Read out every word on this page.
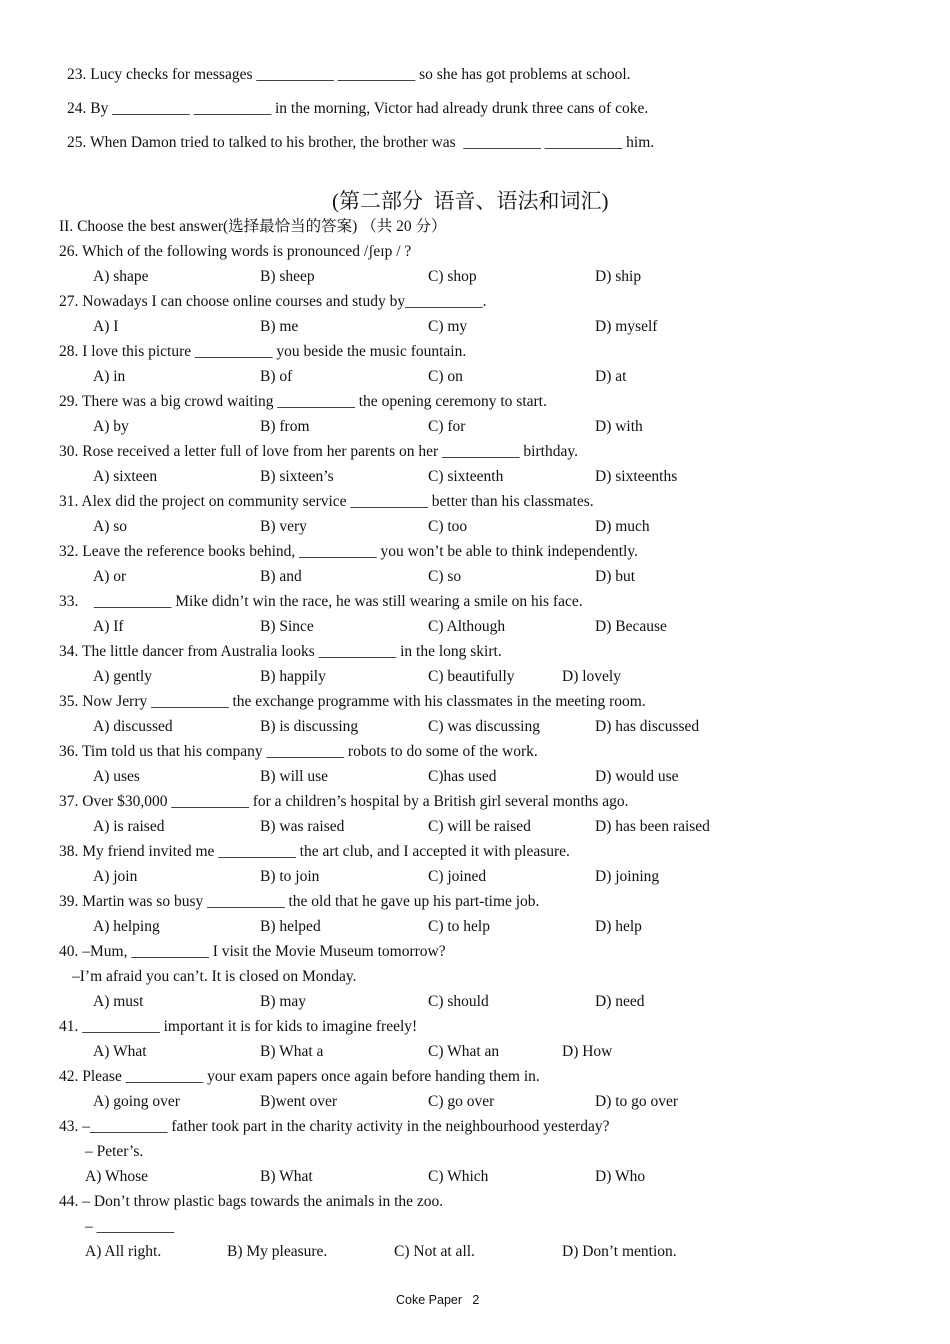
23. Lucy checks for messages __________ __________ so she has got problems at school.
24. By __________ __________ in the morning, Victor had already drunk three cans of coke.
25. When Damon tried to talked to his brother, the brother was  __________ __________ him.
(第二部分  语音、语法和词汇)
II. Choose the best answer(选择最恰当的答案) （共 20 分）
26. Which of the following words is pronounced /ʃeɪp / ?
A) shape	B) sheep	C) shop	D) ship
27. Nowadays I can choose online courses and study by__________.
A) I	B) me	C) my	D) myself
28. I love this picture __________ you beside the music fountain.
A) in	B) of	C) on	D) at
29. There was a big crowd waiting __________ the opening ceremony to start.
A) by	B) from	C) for	D) with
30. Rose received a letter full of love from her parents on her __________ birthday.
A) sixteen	B) sixteen’s	C) sixteenth	D) sixteenths
31. Alex did the project on community service __________ better than his classmates.
A) so	B) very	C) too	D) much
32. Leave the reference books behind, __________ you won’t be able to think independently.
A) or	B) and	C) so	D) but
33.    __________ Mike didn’t win the race, he was still wearing a smile on his face.
A) If	B) Since	C) Although	D) Because
34. The little dancer from Australia looks __________ in the long skirt.
A) gently	B) happily	C) beautifully	D) lovely
35. Now Jerry __________ the exchange programme with his classmates in the meeting room.
A) discussed	B) is discussing	C) was discussing	D) has discussed
36. Tim told us that his company __________ robots to do some of the work.
A) uses	B) will use	C)has used	D) would use
37. Over $30,000 __________ for a children’s hospital by a British girl several months ago.
A) is raised	B) was raised	C) will be raised	D) has been raised
38. My friend invited me __________ the art club, and I accepted it with pleasure.
A) join	B) to join	C) joined	D) joining
39. Martin was so busy __________ the old that he gave up his part-time job.
A) helping	B) helped	C) to help	D) help
40. –Mum, __________ I visit the Movie Museum tomorrow?
–I’m afraid you can’t. It is closed on Monday.
A) must	B) may	C) should	D) need
41. __________ important it is for kids to imagine freely!
A) What	B) What a	C) What an	D) How
42. Please __________ your exam papers once again before handing them in.
A) going over	B)went over	C) go over	D) to go over
43. –__________ father took part in the charity activity in the neighbourhood yesterday?
– Peter’s.
A) Whose	B) What	C) Which	D) Who
44. – Don’t throw plastic bags towards the animals in the zoo.
– __________
A) All right.	B) My pleasure.	C) Not at all.	D) Don’t mention.
Coke Paper   2
